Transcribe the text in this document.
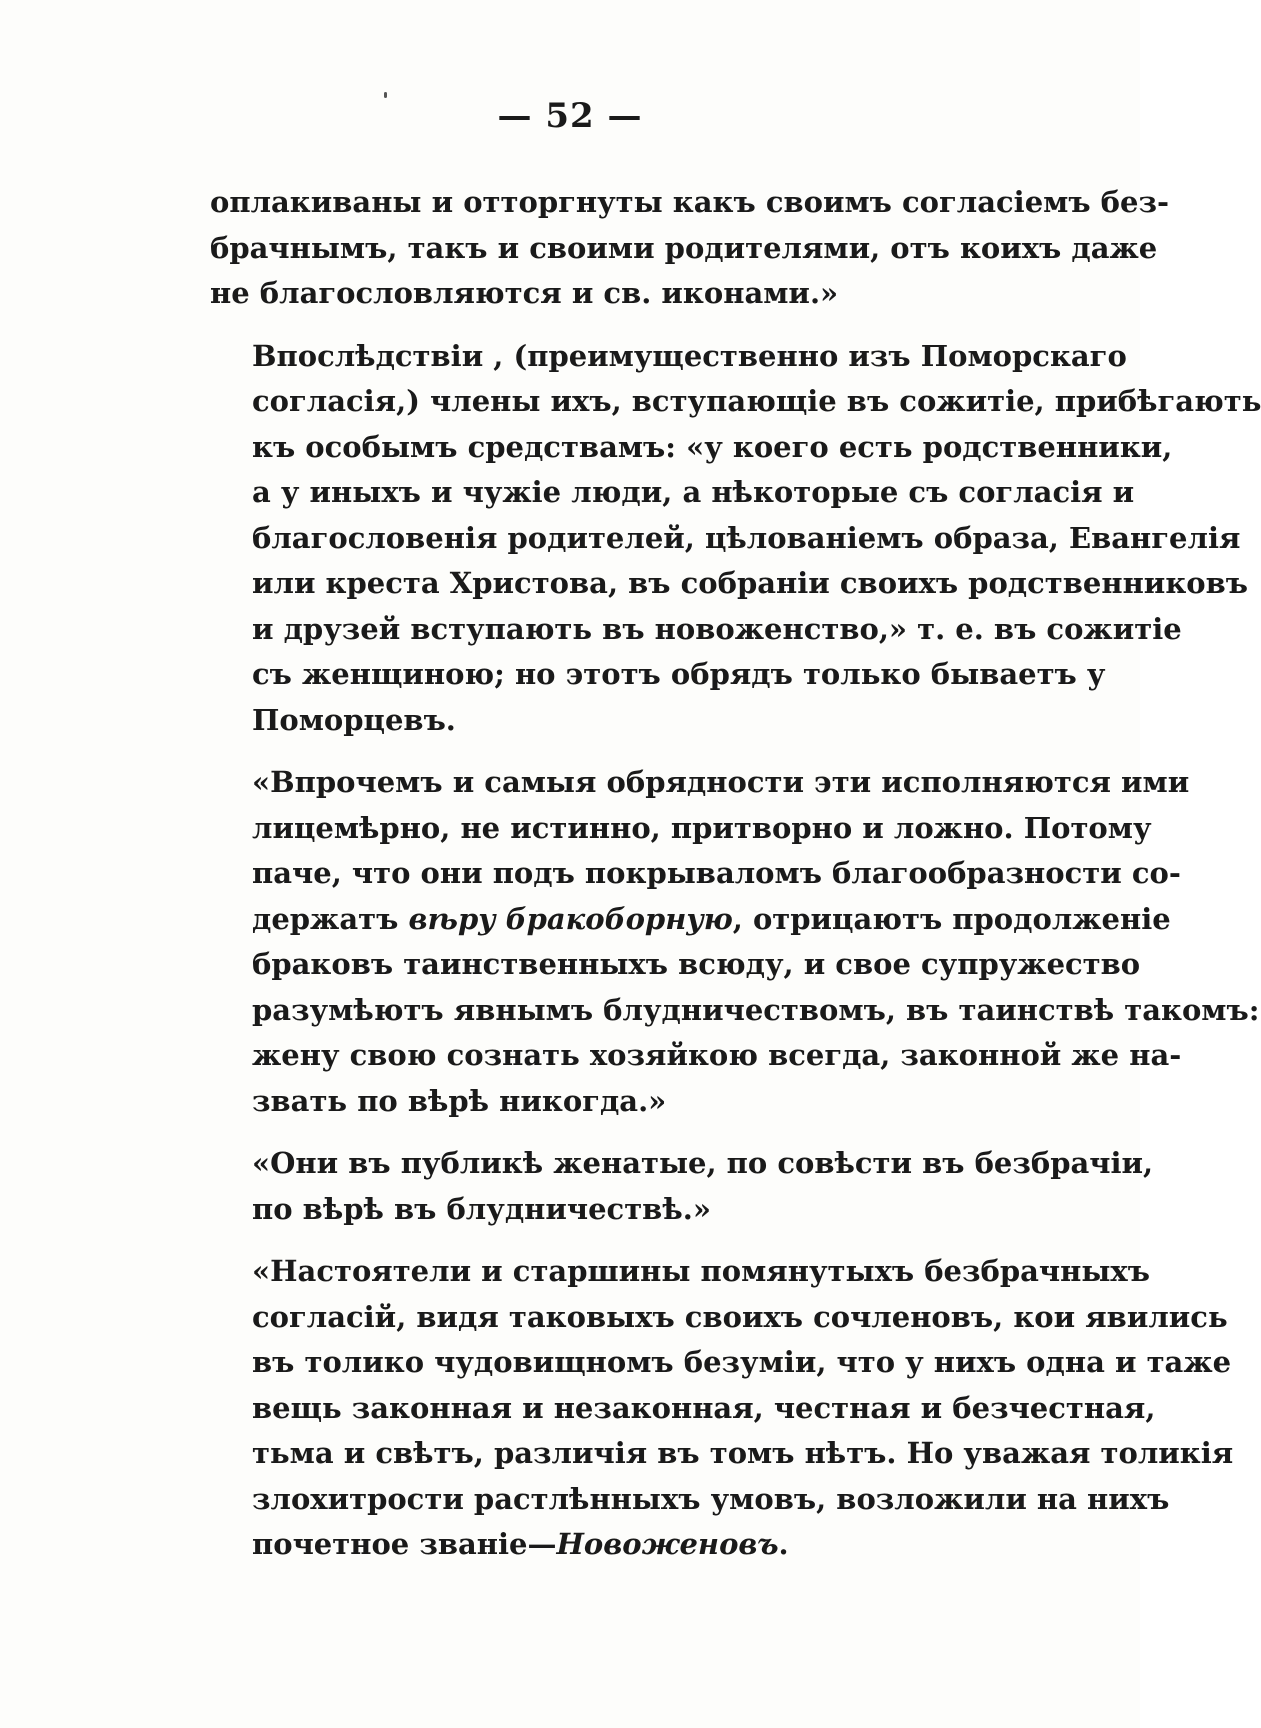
— 52 —

оплакиваны и отторгнуты какъ своимъ согласіемъ без-
брачнымъ, такъ и своими родителями, отъ коихъ даже
не благословляются и св. иконами.»

Впослѣдствіи , (преимущественно изъ Поморскаго
согласія,) члены ихъ, вступающіе въ сожитіе, прибѣгають
къ особымъ средствамъ: «у коего есть родственники,
а у иныхъ и чужіе люди, а нѣкоторые съ согласія и
благословенія родителей, цѣлованіемъ образа, Евангелія
или креста Христова, въ собраніи своихъ родственниковъ
и друзей вступають въ новоженство,» т. е. въ сожитіе
съ женщиною; но этотъ обрядъ только бываетъ у
Поморцевъ.

«Впрочемъ и самыя обрядности эти исполняются ими
лицемѣрно, не истинно, притворно и ложно. Потому
паче, что они подъ покрываломъ благообразности со-
держатъ вѣру бракоборную, отрицаютъ продолженіе
браковъ таинственныхъ всюду, и свое супружество
разумѣютъ явнымъ блудничествомъ, въ таинствѣ такомъ:
жену свою сознать хозяйкою всегда, законной же на-
звать по вѣрѣ никогда.»

«Они въ публикѣ женатые, по совѣсти въ безбрачіи,
по вѣрѣ въ блудничествѣ.»

«Настоятели и старшины помянутыхъ безбрачныхъ
согласій, видя таковыхъ своихъ сочленовъ, кои явились
въ толико чудовищномъ безуміи, что у нихъ одна и таже
вещь законная и незаконная, честная и безчестная,
тьма и свѣтъ, различія въ томъ нѣтъ. Но уважая толикія
злохитрости растлѣнныхъ умовъ, возложили на нихъ
почетное званіе—Новоженовъ.
